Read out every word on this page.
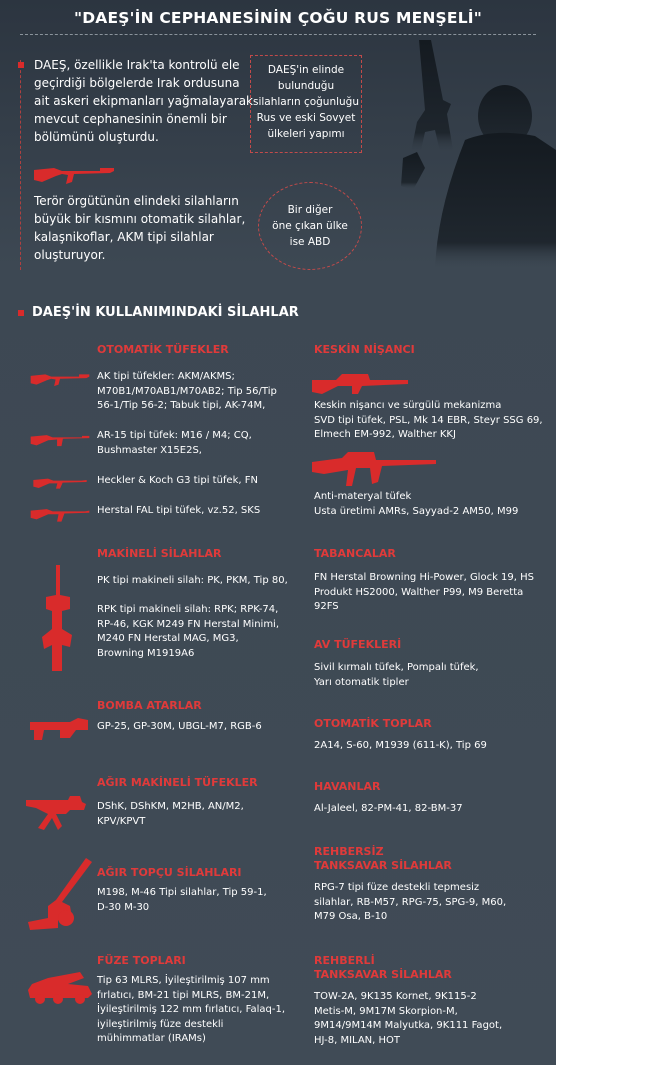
"DAEŞ'İN CEPHANESİNİN ÇOĞU RUS MENŞELİ"
DAEŞ, özellikle Irak'ta kontrolü ele
geçirdiği bölgelerde Irak ordusuna
ait askeri ekipmanları yağmalayarak
mevcut cephanesinin önemli bir
bölümünü oluşturdu.
DAEŞ'in elinde
bulunduğu
silahların çoğunluğu
Rus ve eski Sovyet
ülkeleri yapımı
Bir diğer
öne çıkan ülke
ise ABD
Terör örgütünün elindeki silahların
büyük bir kısmını otomatik silahlar,
kalaşnikoflar, AKM tipi silahlar
oluşturuyor.
DAEŞ'İN KULLANIMINDAKİ SİLAHLAR
OTOMATİK TÜFEKLER
AK tipi tüfekler: AKM/AKMS;
M70B1/M70AB1/M70AB2; Tip 56/Tip
56-1/Tip 56-2; Tabuk tipi, AK-74M,
AR-15 tipi tüfek: M16 / M4; CQ,
Bushmaster X15E2S,
Heckler & Koch G3 tipi tüfek, FN
Herstal FAL tipi tüfek, vz.52, SKS
MAKİNELİ SİLAHLAR
PK tipi makineli silah: PK, PKM, Tip 80,
RPK tipi makineli silah: RPK; RPK-74,
RP-46, KGK M249 FN Herstal Minimi,
M240 FN Herstal MAG, MG3,
Browning M1919A6
BOMBA ATARLAR
GP-25, GP-30M, UBGL-M7, RGB-6
AĞIR MAKİNELİ TÜFEKLER
DShK, DShKM, M2HB, AN/M2,
KPV/KPVT
AĞIR TOPÇU SİLAHLARI
M198, M-46 Tipi silahlar, Tip 59-1,
D-30 M-30
FÜZE TOPLARI
Tip 63 MLRS, İyileştirilmiş 107 mm
fırlatıcı, BM-21 tipi MLRS, BM-21M,
İyileştirilmiş 122 mm fırlatıcı, Falaq-1,
iyileştirilmiş füze destekli
mühimmatlar (IRAMs)
KESKİN NİŞANCI
Keskin nişancı ve sürgülü mekanizma
SVD tipi tüfek, PSL, Mk 14 EBR, Steyr SSG 69,
Elmech EM-992, Walther KKJ
Anti-materyal tüfek
Usta üretimi AMRs, Sayyad-2 AM50, M99
TABANCALAR
FN Herstal Browning Hi-Power, Glock 19, HS
Produkt HS2000, Walther P99, M9 Beretta
92FS
AV TÜFEKLERİ
Sivil kırmalı tüfek, Pompalı tüfek,
Yarı otomatik tipler
OTOMATİK TOPLAR
2A14, S-60, M1939 (611-K), Tip 69
HAVANLAR
Al-Jaleel, 82-PM-41, 82-BM-37
REHBERSİZ
TANKSAVAR SİLAHLAR
RPG-7 tipi füze destekli tepmesiz
silahlar, RB-M57, RPG-75, SPG-9, M60,
M79 Osa, B-10
REHBERLİ
TANKSAVAR SİLAHLAR
TOW-2A, 9K135 Kornet, 9K115-2
Metis-M, 9M17M Skorpion-M,
9M14/9M14M Malyutka, 9K111 Fagot,
HJ-8, MILAN, HOT
